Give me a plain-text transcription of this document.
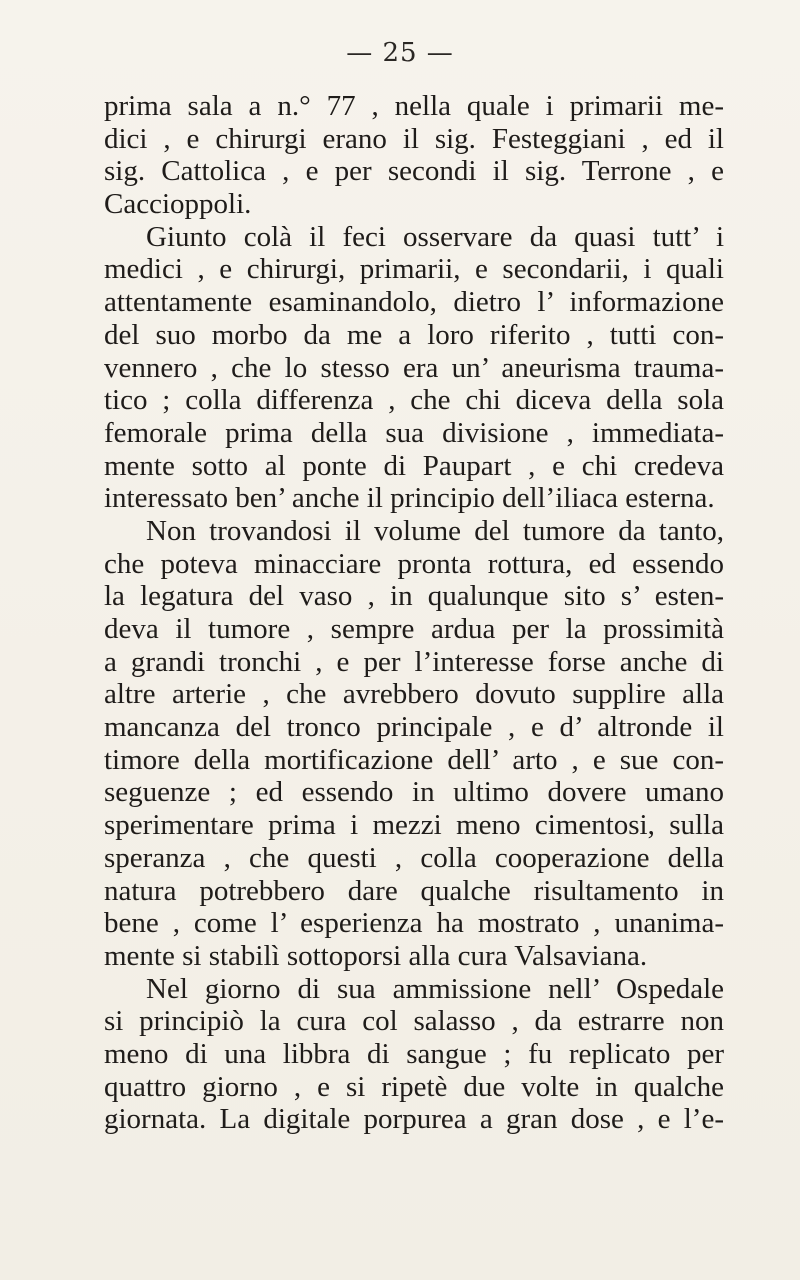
— 25 —
prima sala a n.° 77 , nella quale i primarii me-
dici , e chirurgi erano il sig. Festeggiani , ed il
sig. Cattolica , e per secondi il sig. Terrone , e
Caccioppoli.
Giunto colà il feci osservare da quasi tutt’ i
medici , e chirurgi, primarii, e secondarii, i quali
attentamente esaminandolo, dietro l’ informazione
del suo morbo da me a loro riferito , tutti con-
vennero , che lo stesso era un’ aneurisma trauma-
tico ; colla differenza , che chi diceva della sola
femorale prima della sua divisione , immediata-
mente sotto al ponte di Paupart , e chi credeva
interessato ben’ anche il principio dell’iliaca esterna.
Non trovandosi il volume del tumore da tanto,
che poteva minacciare pronta rottura, ed essendo
la legatura del vaso , in qualunque sito s’ esten-
deva il tumore , sempre ardua per la prossimità
a grandi tronchi , e per l’interesse forse anche di
altre arterie , che avrebbero dovuto supplire alla
mancanza del tronco principale , e d’ altronde il
timore della mortificazione dell’ arto , e sue con-
seguenze ; ed essendo in ultimo dovere umano
sperimentare prima i mezzi meno cimentosi, sulla
speranza , che questi , colla cooperazione della
natura potrebbero dare qualche risultamento in
bene , come l’ esperienza ha mostrato , unanima-
mente si stabilì sottoporsi alla cura Valsaviana.
Nel giorno di sua ammissione nell’ Ospedale
si principiò la cura col salasso , da estrarre non
meno di una libbra di sangue ; fu replicato per
quattro giorno , e si ripetè due volte in qualche
giornata. La digitale porpurea a gran dose , e l’e-
